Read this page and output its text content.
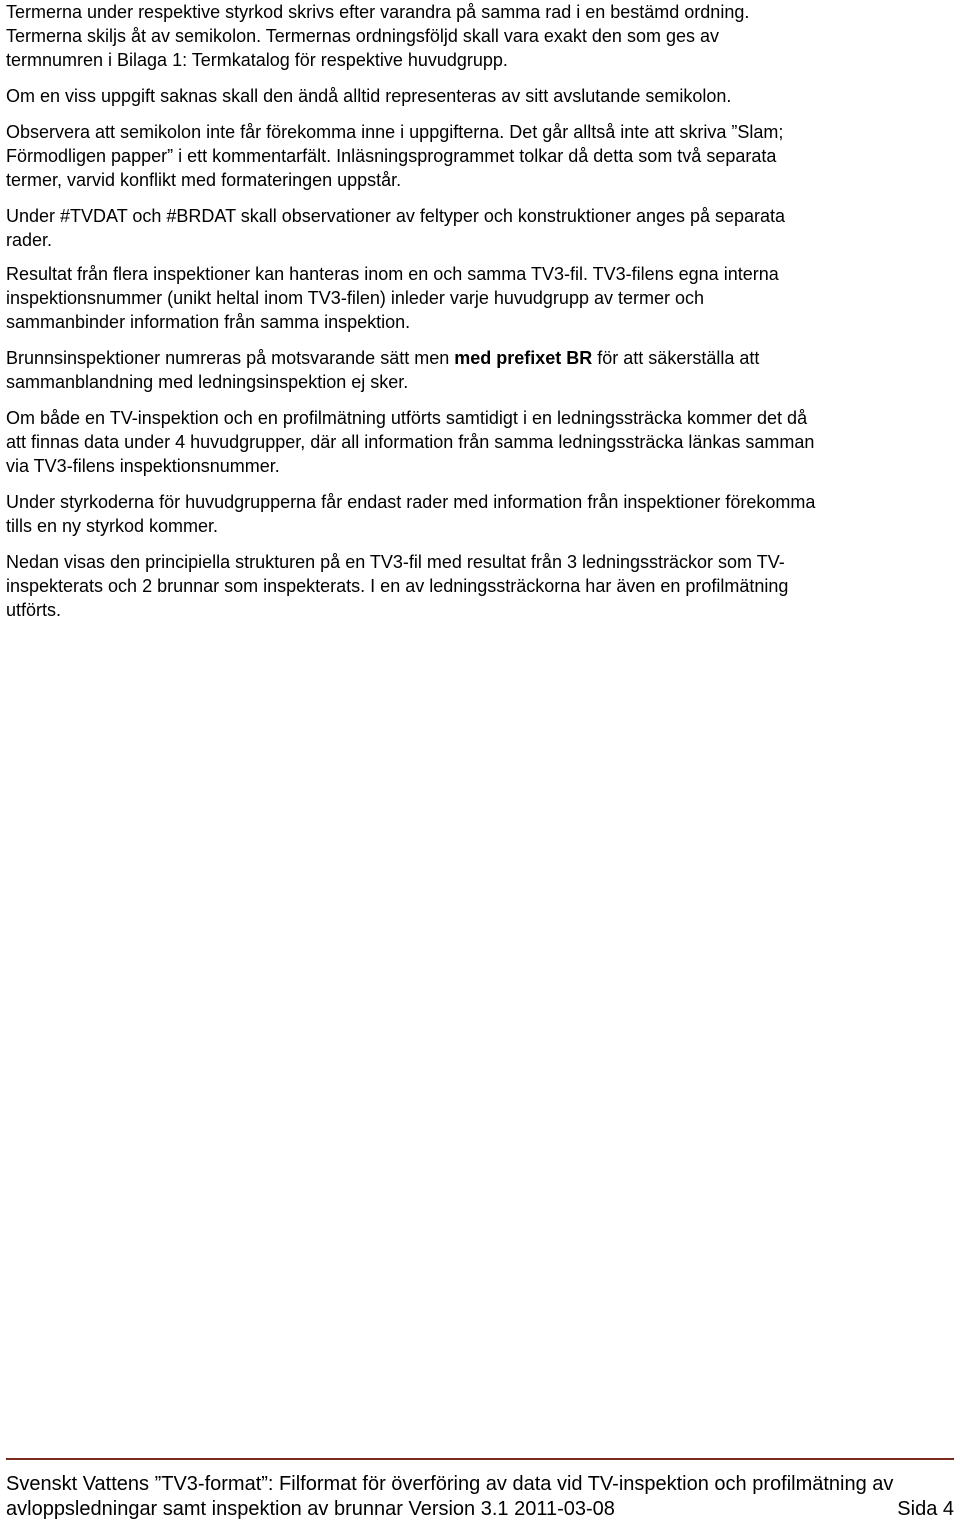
Termerna under respektive styrkod skrivs efter varandra på samma rad i en bestämd ordning.
Termerna skiljs åt av semikolon. Termernas ordningsföljd skall vara exakt den som ges av
termnumren i Bilaga 1: Termkatalog för respektive huvudgrupp.

Om en viss uppgift saknas skall den ändå alltid representeras av sitt avslutande semikolon.

Observera att semikolon inte får förekomma inne i uppgifterna. Det går alltså inte att skriva ”Slam;
Förmodligen papper” i ett kommentarfält. Inläsningsprogrammet tolkar då detta som två separata
termer, varvid konflikt med formateringen uppstår.

Under #TVDAT och #BRDAT skall observationer av feltyper och konstruktioner anges på separata
rader.

Resultat från flera inspektioner kan hanteras inom en och samma TV3-fil. TV3-filens egna interna
inspektionsnummer (unikt heltal inom TV3-filen) inleder varje huvudgrupp av termer och
sammanbinder information från samma inspektion.

Brunnsinspektioner numreras på motsvarande sätt men med prefixet BR för att säkerställa att
sammanblandning med ledningsinspektion ej sker.

Om både en TV-inspektion och en profilmätning utförts samtidigt i en ledningssträcka kommer det då
att finnas data under 4 huvudgrupper, där all information från samma ledningssträcka länkas samman
via TV3-filens inspektionsnummer.

Under styrkoderna för huvudgrupperna får endast rader med information från inspektioner förekomma
tills en ny styrkod kommer.

Nedan visas den principiella strukturen på en TV3-fil med resultat från 3 ledningssträckor som TV-
inspekterats och 2 brunnar som inspekterats. I en av ledningssträckorna har även en profilmätning
utförts.

Svenskt Vattens ”TV3-format”: Filformat för överföring av data vid TV-inspektion och profilmätning av
avloppsledningar samt inspektion av brunnar Version 3.1 2011-03-08	Sida 4
